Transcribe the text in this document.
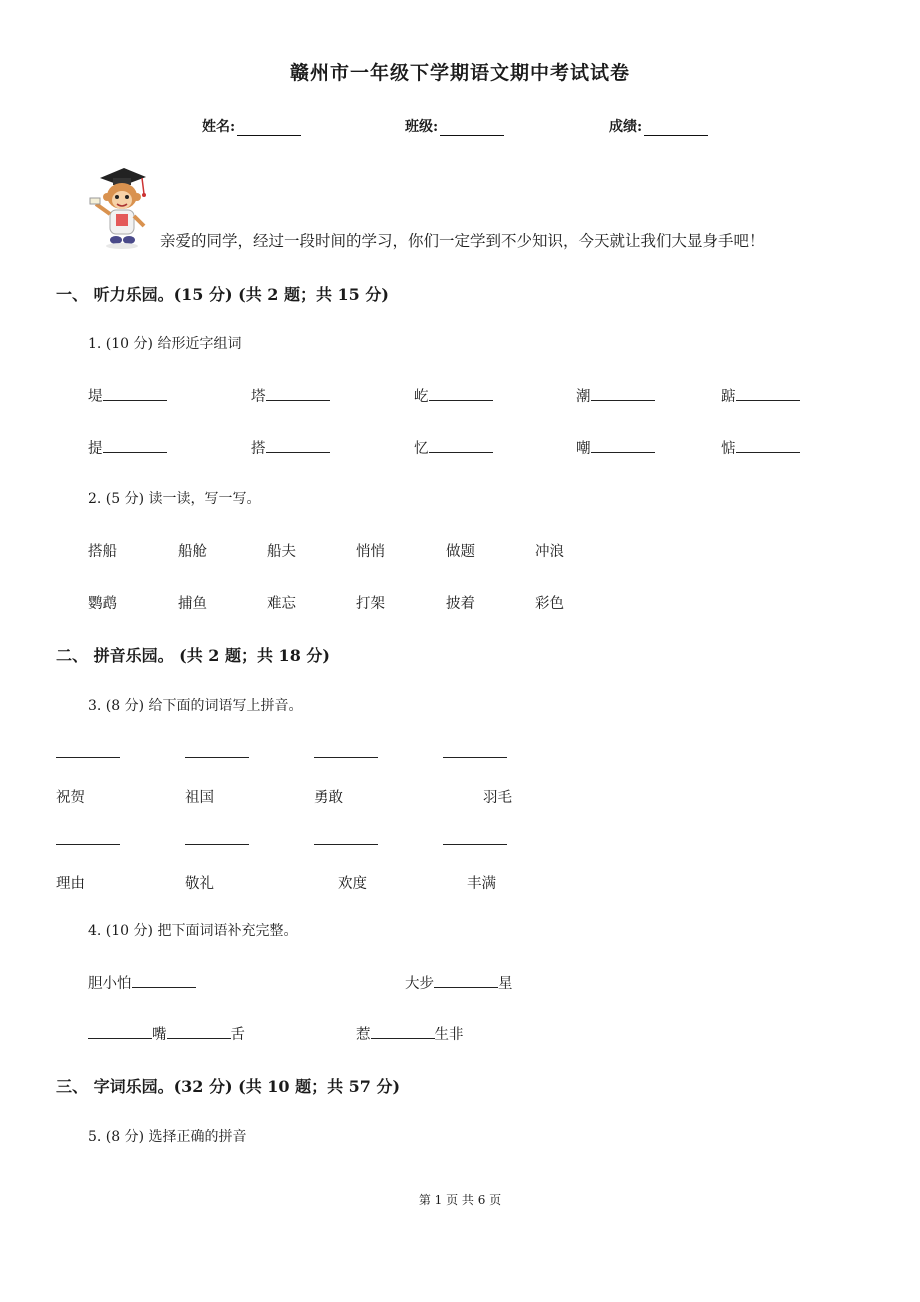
赣州市一年级下学期语文期中考试试卷
姓名:	班级:	成绩:
亲爱的同学，经过一段时间的学习，你们一定学到不少知识，今天就让我们大显身手吧！
一、 听力乐园。(15 分) (共 2 题；共 15 分)
1. (10 分) 给形近字组词
堤	塔	屹	潮	踮
提	搭	忆	嘲	惦
2. (5 分) 读一读，写一写。
搭船	船舱	船夫	悄悄	做题	冲浪
鹦鹉	捕鱼	难忘	打架	披着	彩色
二、 拼音乐园。 (共 2 题；共 18 分)
3. (8 分) 给下面的词语写上拼音。
祝贺	祖国	勇敢	羽毛
理由	敬礼	欢度	丰满
4. (10 分) 把下面词语补充完整。
胆小怕	大步	星
嘴	舌	惹	生非
三、 字词乐园。(32 分) (共 10 题；共 57 分)
5. (8 分) 选择正确的拼音
第 1 页 共 6 页
